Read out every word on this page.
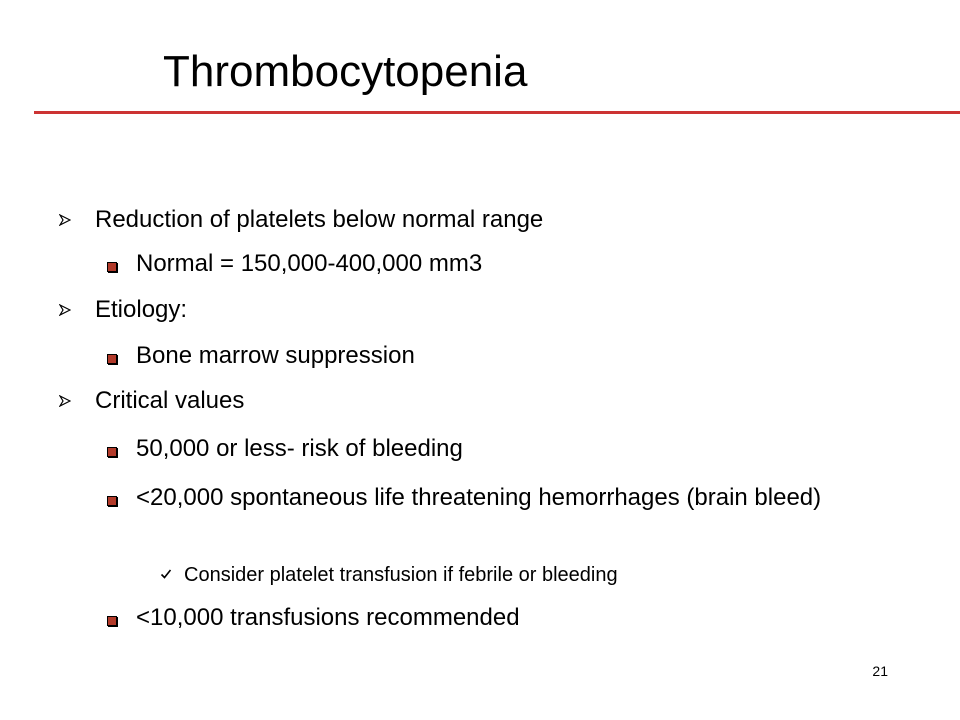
Thrombocytopenia
Reduction of platelets below normal range
Normal = 150,000-400,000 mm3
Etiology:
Bone marrow suppression
Critical values
50,000 or less- risk of bleeding
<20,000 spontaneous life threatening hemorrhages (brain bleed)
Consider platelet transfusion if febrile or bleeding
<10,000 transfusions recommended
21
